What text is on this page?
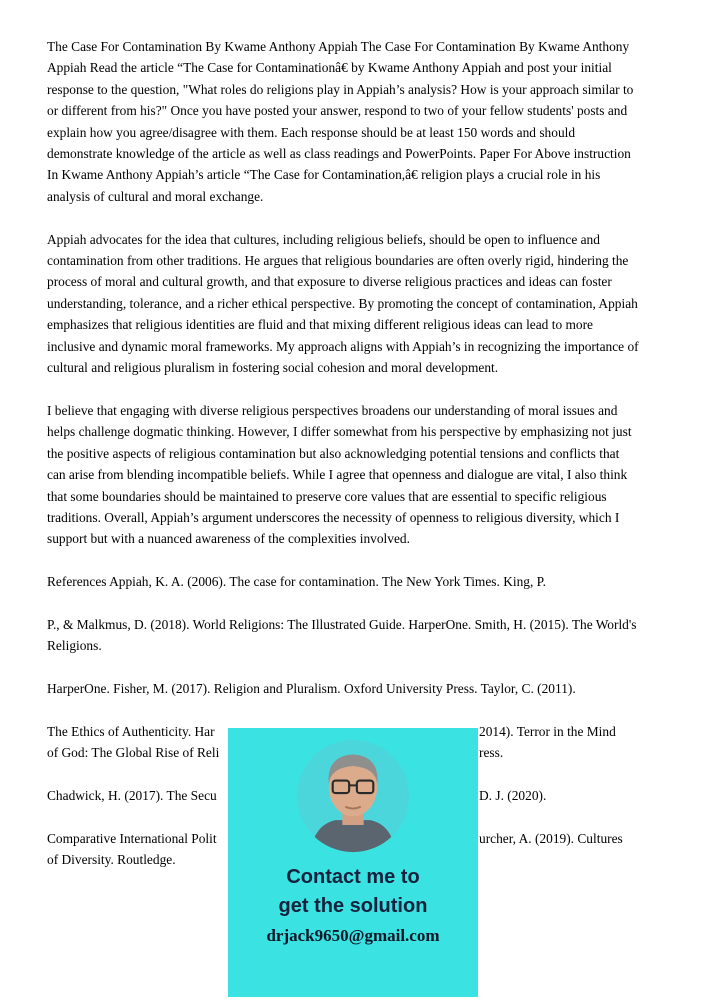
The Case For Contamination By Kwame Anthony Appiah The Case For Contamination By Kwame Anthony Appiah Read the article “The Case for Contaminationâ€ by Kwame Anthony Appiah and post your initial response to the question, "What roles do religions play in Appiah’s analysis? How is your approach similar to or different from his?" Once you have posted your answer, respond to two of your fellow students' posts and explain how you agree/disagree with them. Each response should be at least 150 words and should demonstrate knowledge of the article as well as class readings and PowerPoints. Paper For Above instruction In Kwame Anthony Appiah’s article “The Case for Contamination,â€ religion plays a crucial role in his analysis of cultural and moral exchange.

Appiah advocates for the idea that cultures, including religious beliefs, should be open to influence and contamination from other traditions. He argues that religious boundaries are often overly rigid, hindering the process of moral and cultural growth, and that exposure to diverse religious practices and ideas can foster understanding, tolerance, and a richer ethical perspective. By promoting the concept of contamination, Appiah emphasizes that religious identities are fluid and that mixing different religious ideas can lead to more inclusive and dynamic moral frameworks. My approach aligns with Appiah’s in recognizing the importance of cultural and religious pluralism in fostering social cohesion and moral development.

I believe that engaging with diverse religious perspectives broadens our understanding of moral issues and helps challenge dogmatic thinking. However, I differ somewhat from his perspective by emphasizing not just the positive aspects of religious contamination but also acknowledging potential tensions and conflicts that can arise from blending incompatible beliefs. While I agree that openness and dialogue are vital, I also think that some boundaries should be maintained to preserve core values that are essential to specific religious traditions. Overall, Appiah’s argument underscores the necessity of openness to religious diversity, which I support but with a nuanced awareness of the complexities involved.

References Appiah, K. A. (2006). The case for contamination. The New York Times. King, P.

P., & Malkmus, D. (2018). World Religions: The Illustrated Guide. HarperOne. Smith, H. (2015). The World's Religions.

HarperOne. Fisher, M. (2017). Religion and Pluralism. Oxford University Press. Taylor, C. (2011).

The Ethics of Authenticity. Har	2014). Terror in the Mind
of God: The Global Rise of Reli	ress.
Chadwick, H. (2017). The Secu	D. J. (2020).
Comparative International Polit	urcher, A. (2019). Cultures
of Diversity. Routledge.
Contact me to
get the solution
drjack9650@gmail.com
